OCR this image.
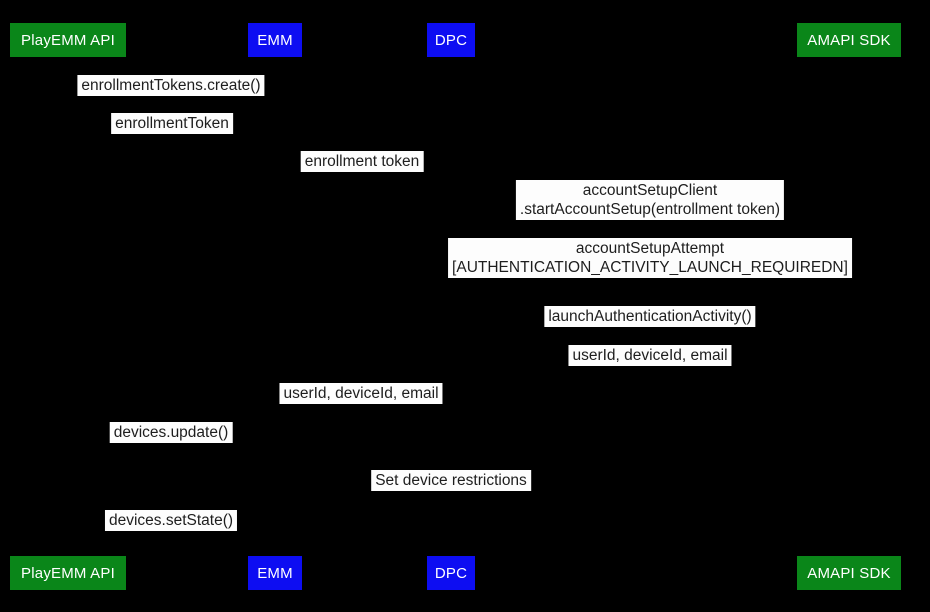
PlayEMM API
PlayEMM API
EMM
EMM
DPC
DPC
AMAPI SDK
AMAPI SDK
enrollmentTokens.create()
enrollmentToken
enrollment token
accountSetupClient
.startAccountSetup(entrollment token)
accountSetupAttempt
[AUTHENTICATION_ACTIVITY_LAUNCH_REQUIREDN]
launchAuthenticationActivity()
userId, deviceId, email
userId, deviceId, email
devices.update()
Set device restrictions
devices.setState()
